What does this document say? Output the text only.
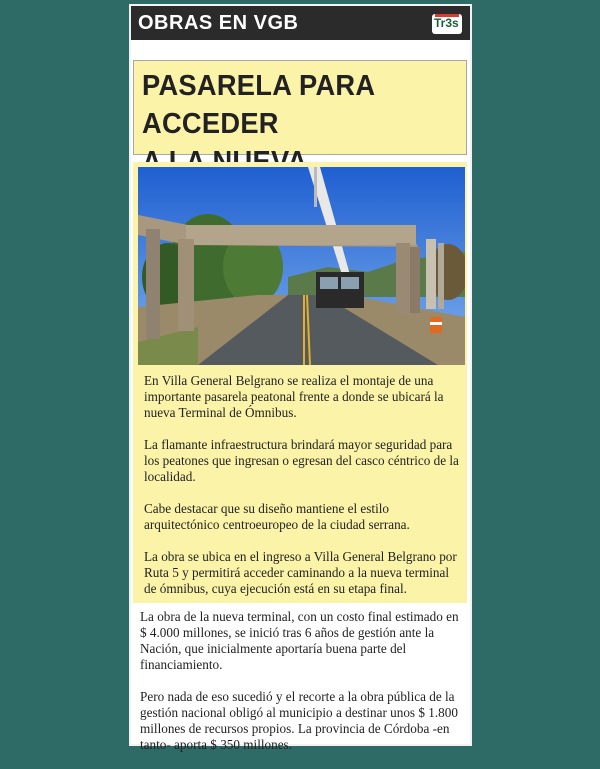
OBRAS EN VGB	Tr3s
PASARELA PARA ACCEDER

En Villa General Belgrano se realiza el montaje de una importante pasarela peatonal frente a donde se ubicará la nueva Terminal de Ómnibus.

La flamante infraestructura brindará mayor seguridad para los peatones que ingresan o egresan del casco céntrico de la localidad.

Cabe destacar que su diseño mantiene el estilo arquitectónico centroeuropeo de la ciudad serrana.

La obra se ubica en el ingreso a Villa General Belgrano por Ruta 5 y permitirá acceder caminando a la nueva terminal de ómnibus, cuya ejecución está en su etapa final.

La obra de la nueva terminal, con un costo final estimado en $ 4.000 millones, se inició tras 6 años de gestión ante la Nación, que inicialmente aportaría buena parte del financiamiento.

Pero nada de eso sucedió y el recorte a la obra pública de la gestión nacional obligó al municipio a destinar unos $ 1.800 millones de recursos propios. La provincia de Córdoba -en tanto- aporta $ 350 millones.
